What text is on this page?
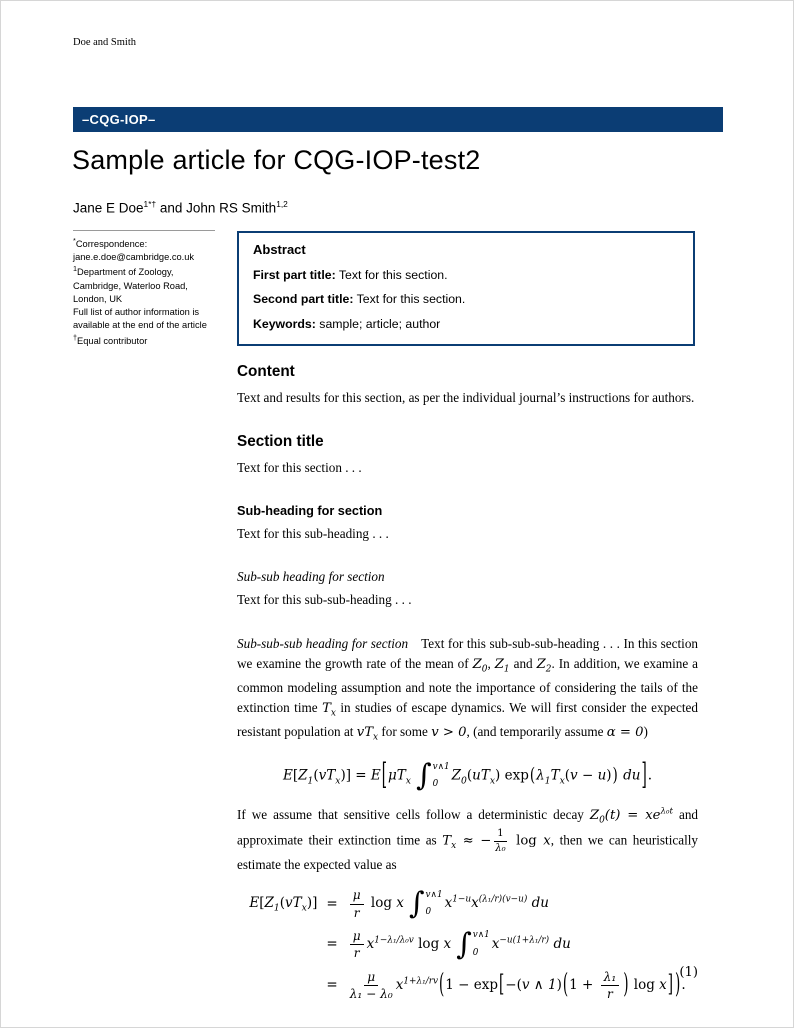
Doe and Smith
–CQG-IOP–
Sample article for CQG-IOP-test2
Jane E Doe$^{1*\dagger}$ and John RS Smith$^{1,2}$

*Correspondence:

jane.e.doe@cambridge.co.uk

$^1$Department of Zoology, Cambridge, Waterloo Road, London, UK

Full list of author information is available at the end of the article

†Equal contributor

Abstract

First part title: Text for this section.

Second part title: Text for this section.

Keywords: sample; article; author

Content

Text and results for this section, as per the individual journal’s instructions for authors.

Section title

Text for this section . . .

Sub-heading for section

Text for this sub-heading . . .

Sub-sub heading for section

Text for this sub-sub-heading . . .

Sub-sub-sub heading for section Text for this sub-sub-sub-heading . . . In this section we examine the growth rate of the mean of $Z_0$, $Z_1$ and $Z_2$. In addition, we examine a common modeling assumption and note the importance of considering the tails of the extinction time $T_x$ in studies of escape dynamics. We will first consider the expected resistant population at $vT_x$ for some v > 0, (and temporarily assume α = 0)

$E[Z_1(vT_x)] = E[\mu T_x$ ∫ v∧1
0
$Z_0(uT_x) \exp(\lambda_1T_x(v - u))$ du].

If we assume that sensitive cells follow a deterministic decay $Z_0(t) = xe^{\lambda_0t}$ and approximate their extinction time as $T_x$ ≈ − $\frac{1}{\text{λ₀}}$ log x, then we can heuristically estimate the expected value as

$E[Z_1(vT_x)] = \frac{\mu}{r}$ log x ∫ v∧1
0
$x^{1-u}x^{(\lambda_1/r)(v-u)}$ du
= $\frac{\mu}{r} x^{1-\lambda_1/\lambda_0v}$ log x ∫ v∧1
0
$x^{-u(1+\lambda_1/r)}$ du
= $\frac{\mu}{\text{λ₁ − λ₀}} x^{1+\lambda_1/rv}(1 - \exp[-(v$ ∧ $1)(1 + \frac{\text{λ₁}}{r}$ ) log x] ).
(1)
